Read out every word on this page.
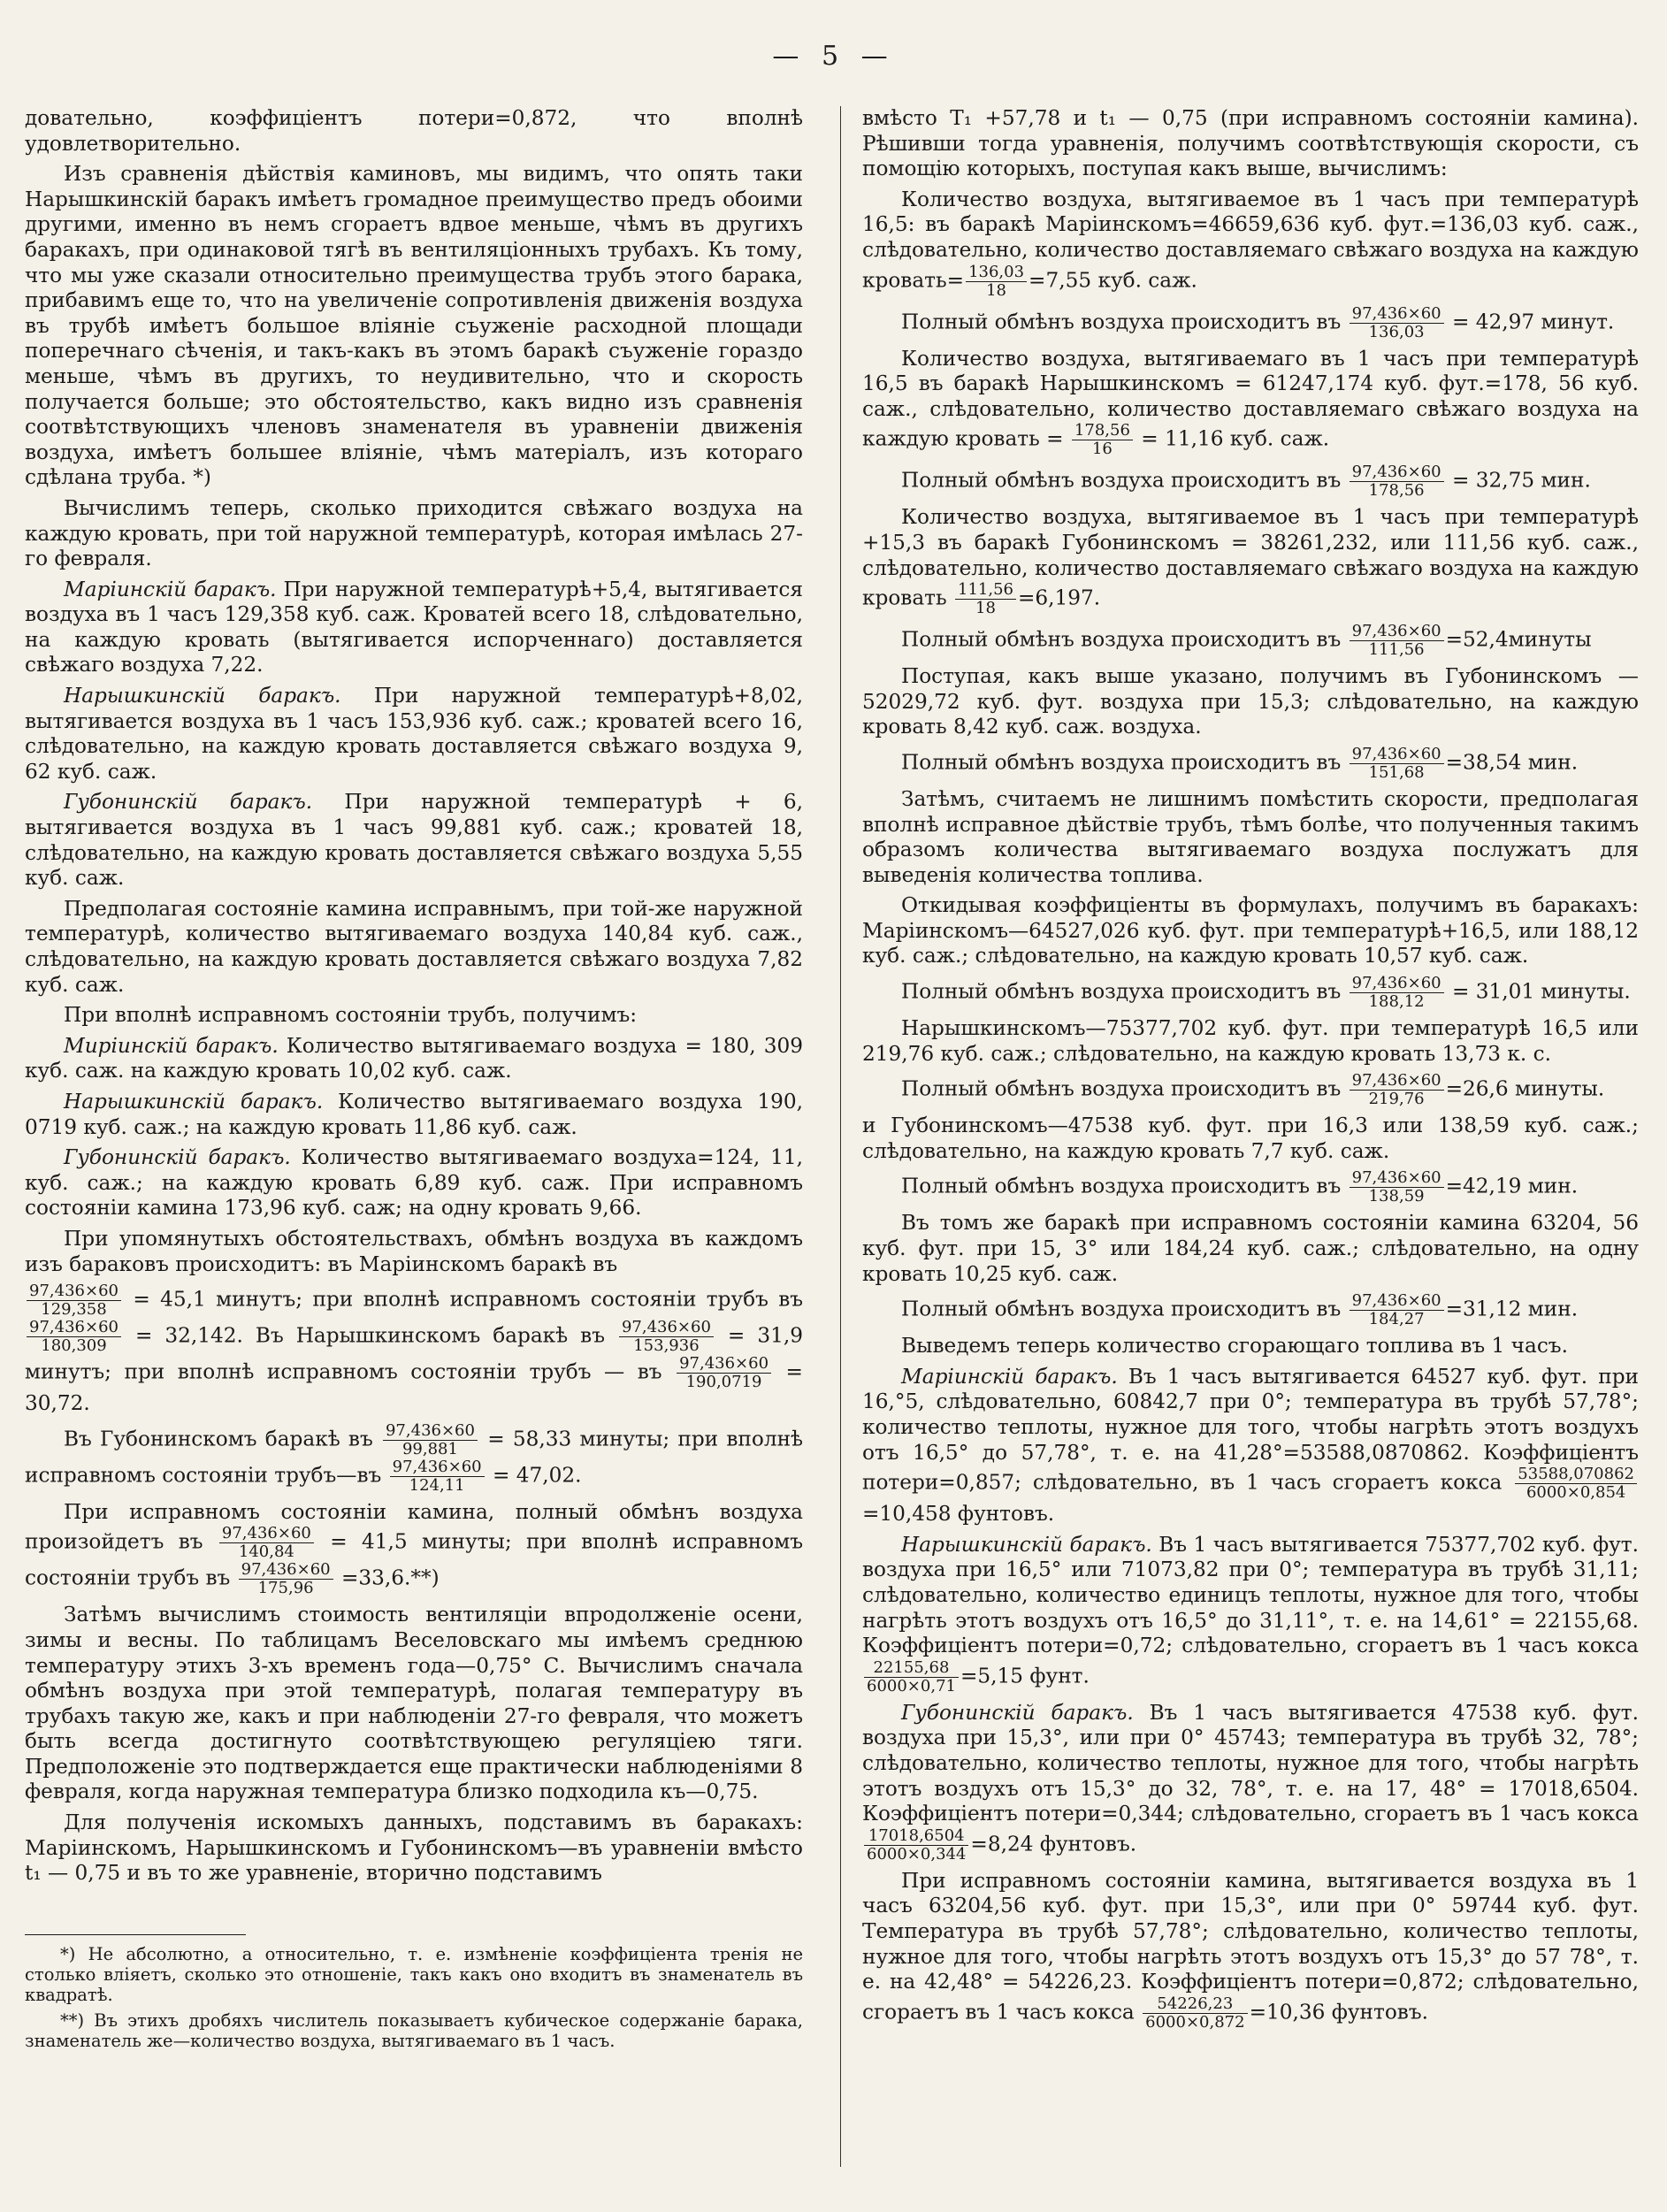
— 5 —

довательно, коэффиціентъ потери=0,872, что вполнѣ удовлетворительно.

Изъ сравненія дѣйствія каминовъ, мы видимъ, что опять таки Нарышкинскій баракъ имѣетъ громадное преимущество предъ обоими другими, именно въ немъ сгораетъ вдвое меньше, чѣмъ въ другихъ баракахъ, при одинаковой тягѣ въ вентиляціонныхъ трубахъ. Къ тому, что мы уже сказали относительно преимущества трубъ этого барака, прибавимъ еще то, что на увеличеніе сопротивленія движенія воздуха въ трубѣ имѣетъ большое вліяніе съуженіе расходной площади поперечнаго сѣченія, и такъ-какъ въ этомъ баракѣ съуженіе гораздо меньше, чѣмъ въ другихъ, то неудивительно, что и скорость получается больше; это обстоятельство, какъ видно изъ сравненія соотвѣтствующихъ членовъ знаменателя въ уравненіи движенія воздуха, имѣетъ большее вліяніе, чѣмъ матеріалъ, изъ котораго сдѣлана труба. *)

Вычислимъ теперь, сколько приходится свѣжаго воздуха на каждую кровать, при той наружной температурѣ, которая имѣлась 27-го февраля.

Маріинскій баракъ. При наружной температурѣ+5,4, вытягивается воздуха въ 1 часъ 129,358 куб. саж. Кроватей всего 18, слѣдовательно, на каждую кровать (вытягивается испорченнаго) доставляется свѣжаго воздуха 7,22.

Нарышкинскій баракъ. При наружной температурѣ+8,02, вытягивается воздуха въ 1 часъ 153,936 куб. саж.; кроватей всего 16, слѣдовательно, на каждую кровать доставляется свѣжаго воздуха 9, 62 куб. саж.

Губонинскій баракъ. При наружной температурѣ + 6, вытягивается воздуха въ 1 часъ 99,881 куб. саж.; кроватей 18, слѣдовательно, на каждую кровать доставляется свѣжаго воздуха 5,55 куб. саж.

Предполагая состояніе камина исправнымъ, при той-же наружной температурѣ, количество вытягиваемаго воздуха 140,84 куб. саж., слѣдовательно, на каждую кровать доставляется свѣжаго воздуха 7,82 куб. саж.

При вполнѣ исправномъ состояніи трубъ, получимъ:

Миріинскій баракъ. Количество вытягиваемаго воздуха = 180, 309 куб. саж. на каждую кровать 10,02 куб. саж.

Нарышкинскій баракъ. Количество вытягиваемаго воздуха 190, 0719 куб. саж.; на каждую кровать 11,86 куб. саж.

Губонинскій баракъ. Количество вытягиваемаго воздуха=124, 11, куб. саж.; на каждую кровать 6,89 куб. саж. При исправномъ состояніи камина 173,96 куб. саж; на одну кровать 9,66.

При упомянутыхъ обстоятельствахъ, обмѣнъ воздуха въ каждомъ изъ бараковъ происходитъ: въ Маріинскомъ баракѣ въ

$\frac{97,436\times 60}{129,358} = 45,1$ минутъ; при вполнѣ исправномъ состояніи трубъ въ
$\frac{97,436\times 60}{180,309} = 32,142$. Въ Нарышкинскомъ баракѣ въ $\frac{97,436\times 60}{153,936} = 31,9$ минутъ; при вполнѣ исправномъ состояніи трубъ — въ $\frac{97,436\times 60}{190,0719} = 30,72$.

Въ Губонинскомъ баракѣ въ $\frac{97,436\times 60}{99,881} = 58,33$ минуты; при вполнѣ исправномъ состояніи трубъ—въ $\frac{97,436\times 60}{124,11} = 47,02$.

При исправномъ состояніи камина, полный обмѣнъ воздуха произойдетъ въ $\frac{97,436\times 60}{140,84} = 41,5$ минуты; при вполнѣ исправномъ состояніи трубъ въ $\frac{97,436\times 60}{175,96} =33,6.**$)

Затѣмъ вычислимъ стоимость вентиляціи впродолженіе осени, зимы и весны. По таблицамъ Веселовскаго мы имѣемъ среднюю температуру этихъ 3-хъ временъ года—0,75° С. Вычислимъ сначала обмѣнъ воздуха при этой температурѣ, полагая температуру въ трубахъ такую же, какъ и при наблюденіи 27-го февраля, что можетъ быть всегда достигнуто соотвѣтствующею регуляціею тяги. Предположеніе это подтверждается еще практически наблюденіями 8 февраля, когда наружная температура близко подходила къ—0,75.

Для полученія искомыхъ данныхъ, подставимъ въ баракахъ: Маріинскомъ, Нарышкинскомъ и Губонинскомъ—въ уравненіи вмѣсто t₁ — 0,75 и въ то же уравненіе, вторично подставимъ

*) Не абсолютно, а относительно, т. е. измѣненіе коэффиціента тренія не столько вліяетъ, сколько это отношеніе, такъ какъ оно входитъ въ знаменатель въ квадратѣ.

**) Въ этихъ дробяхъ числитель показываетъ кубическое содержаніе барака, знаменатель же—количество воздуха, вытягиваемаго въ 1 часъ.

вмѣсто T₁ +57,78 и t₁ — 0,75 (при исправномъ состояніи камина). Рѣшивши тогда уравненія, получимъ соотвѣтствующія скорости, съ помощію которыхъ, поступая какъ выше, вычислимъ:

Количество воздуха, вытягиваемое въ 1 часъ при температурѣ 16,5: въ баракѣ Маріинскомъ=46659,636 куб. фут.=136,03 куб. саж., слѣдовательно, количество доставляемаго свѣжаго воздуха на каждую кровать= $\frac{136,03}{18} =7,55$ куб. саж.

Полный обмѣнъ воздуха происходитъ въ $\frac{97,436\times 60}{136,03} = 42,97$ минут.

Количество воздуха, вытягиваемаго въ 1 часъ при температурѣ 16,5 въ баракѣ Нарышкинскомъ = 61247,174 куб. фут.=178, 56 куб. саж., слѣдовательно, количество доставляемаго свѣжаго воздуха на каждую кровать = $\frac{178,56}{16} = 11,16$ куб. саж.

Полный обмѣнъ воздуха происходитъ въ $\frac{97,436\times 60}{178,56} = 32,75$ мин.

Количество воздуха, вытягиваемое въ 1 часъ при температурѣ +15,3 въ баракѣ Губонинскомъ = 38261,232, или 111,56 куб. саж., слѣдовательно, количество доставляемаго свѣжаго воздуха на каждую кровать $\frac{111,56}{18} =6,197$.

Полный обмѣнъ воздуха происходитъ въ $\frac{97,436\times 60}{111,56}$ =52,4минуты

Поступая, какъ выше указано, получимъ въ Губонинскомъ — 52029,72 куб. фут. воздуха при 15,3; слѣдовательно, на каждую кровать 8,42 куб. саж. воздуха.

Полный обмѣнъ воздуха происходитъ въ $\frac{97,436\times 60}{151,68} =38,54$ мин.

Затѣмъ, считаемъ не лишнимъ помѣстить скорости, предполагая вполнѣ исправное дѣйствіе трубъ, тѣмъ болѣе, что полученныя такимъ образомъ количества вытягиваемаго воздуха послужатъ для выведенія количества топлива.

Откидывая коэффиціенты въ формулахъ, получимъ въ баракахъ: Маріинскомъ—64527,026 куб. фут. при температурѣ+16,5, или 188,12 куб. саж.; слѣдовательно, на каждую кровать 10,57 куб. саж.

Полный обмѣнъ воздуха происходитъ въ $\frac{97,436\times 60}{188,12} = 31,01$ минуты.

Нарышкинскомъ—75377,702 куб. фут. при температурѣ 16,5 или 219,76 куб. саж.; слѣдовательно, на каждую кровать 13,73 к. с.

Полный обмѣнъ воздуха происходитъ въ $\frac{97,436\times 60}{219,76} =26,6$ минуты.

и Губонинскомъ—47538 куб. фут. при 16,3 или 138,59 куб. саж.; слѣдовательно, на каждую кровать 7,7 куб. саж.

Полный обмѣнъ воздуха происходитъ въ $\frac{97,436\times 60}{138,59} =42,19$ мин.

Въ томъ же баракѣ при исправномъ состояніи камина 63204, 56 куб. фут. при 15, 3° или 184,24 куб. саж.; слѣдовательно, на одну кровать 10,25 куб. саж.

Полный обмѣнъ воздуха происходитъ въ $\frac{97,436\times 60}{184,27} =31,12$ мин.

Выведемъ теперь количество сгорающаго топлива въ 1 часъ.

Маріинскій баракъ. Въ 1 часъ вытягивается 64527 куб. фут. при 16,°5, слѣдовательно, 60842,7 при 0°; температура въ трубѣ 57,78°; количество теплоты, нужное для того, чтобы нагрѣть этотъ воздухъ отъ 16,5° до 57,78°, т. е. на 41,28°=53588,0870862. Коэффиціентъ потери=0,857; слѣдовательно, въ 1 часъ сгораетъ кокса $\frac{53588,070862}{6000\times 0,854}$
=10,458 фунтовъ.

Нарышкинскій баракъ. Въ 1 часъ вытягивается 75377,702 куб. фут. воздуха при 16,5° или 71073,82 при 0°; температура въ трубѣ 31,11; слѣдовательно, количество единицъ теплоты, нужное для того, чтобы нагрѣть этотъ воздухъ отъ 16,5° до 31,11°, т. е. на 14,61° = 22155,68. Коэффиціентъ потери=0,72; слѣдовательно, сгораетъ въ 1 часъ кокса
$\frac{22155,68}{6000\times 0,71} =5,15$ фунт.

Губонинскій баракъ. Въ 1 часъ вытягивается 47538 куб. фут. воздуха при 15,3°, или при 0° 45743; температура въ трубѣ 32, 78°; слѣдовательно, количество теплоты, нужное для того, чтобы нагрѣть этотъ воздухъ отъ 15,3° до 32, 78°, т. е. на 17, 48° = 17018,6504. Коэффиціентъ потери=0,344; слѣдовательно, сгораетъ въ 1 часъ кокса
$\frac{17018,6504}{6000\times 0,344} =8,24$ фунтовъ.

При исправномъ состояніи камина, вытягивается воздуха въ 1 часъ 63204,56 куб. фут. при 15,3°, или при 0° 59744 куб. фут. Температура въ трубѣ 57,78°; слѣдовательно, количество теплоты, нужное для того, чтобы нагрѣть этотъ воздухъ отъ 15,3° до 57 78°, т. е. на 42,48° = 54226,23. Коэффиціентъ потери=0,872; слѣдовательно, сгораетъ въ 1 часъ кокса $\frac{54226,23}{6000\times 0,872} =10,36$ фунтовъ.
